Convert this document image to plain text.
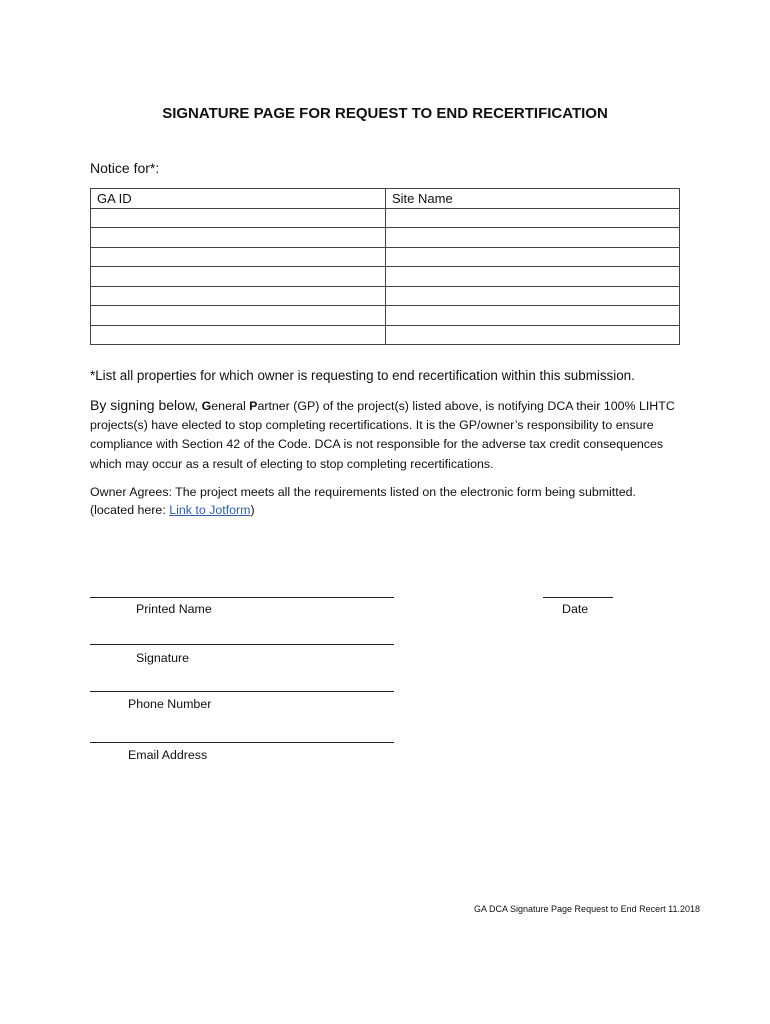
SIGNATURE PAGE FOR REQUEST TO END RECERTIFICATION
Notice for*:
GA ID	Site Name

*List all properties for which owner is requesting to end recertification within this submission.
By signing below, General Partner (GP) of the project(s) listed above, is notifying DCA their 100% LIHTC projects(s) have elected to stop completing recertifications. It is the GP/owner’s responsibility to ensure compliance with Section 42 of the Code. DCA is not responsible for the adverse tax credit consequences which may occur as a result of electing to stop completing recertifications.
Owner Agrees: The project meets all the requirements listed on the electronic form being submitted.
(located here: Link to Jotform)
Printed Name	Date
Signature
Phone Number
Email Address
GA DCA Signature Page Request to End Recert 11.2018
